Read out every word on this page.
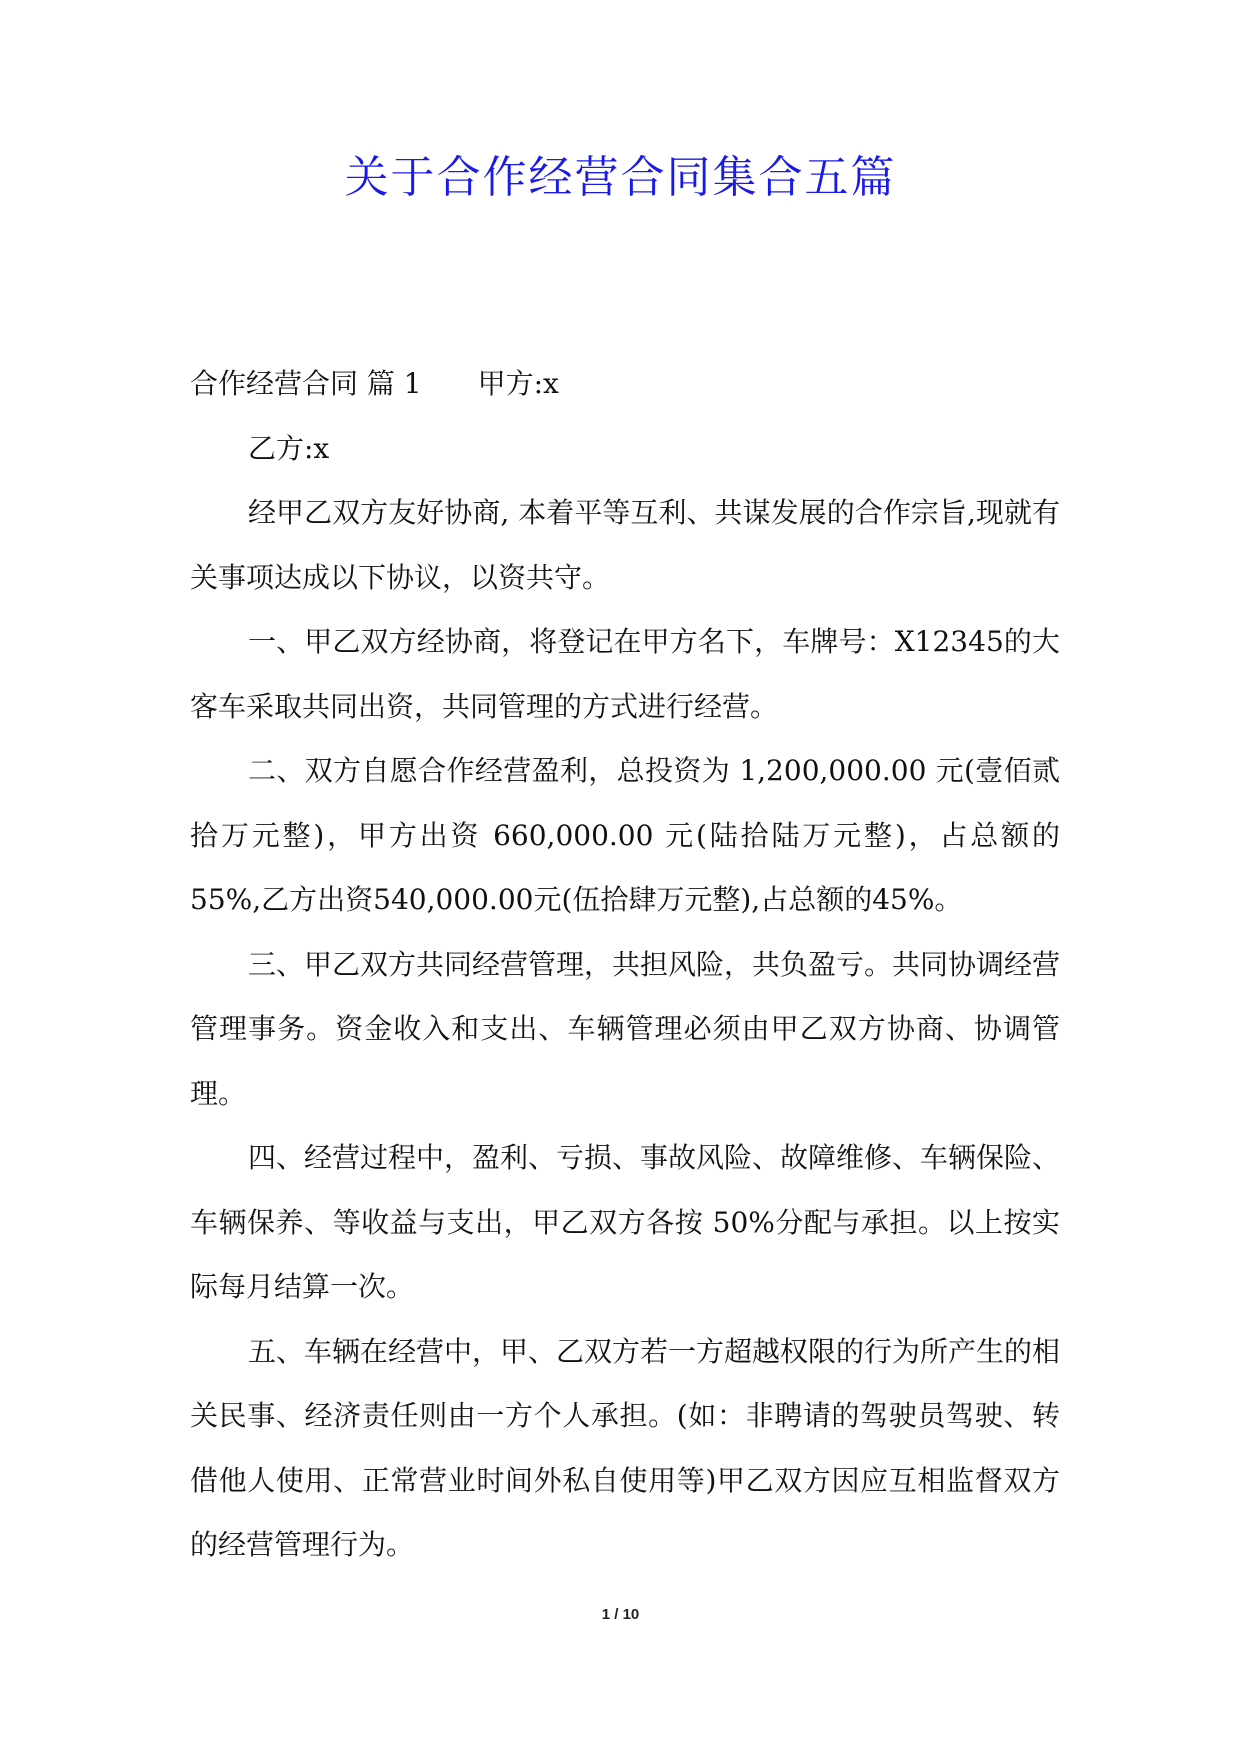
关于合作经营合同集合五篇

合作经营合同 篇 1 甲方:x

乙方:x

经甲乙双方友好协商, 本着平等互利、共谋发展的合作宗旨,现就有关事项达成以下协议，以资共守。

一、甲乙双方经协商，将登记在甲方名下，车牌号：X12345的大客车采取共同出资，共同管理的方式进行经营。

二、双方自愿合作经营盈利，总投资为 1,200,000.00 元(壹佰贰拾万元整)，甲方出资 660,000.00 元(陆拾陆万元整)，占总额的55%,乙方出资540,000.00元(伍拾肆万元整),占总额的45%。

三、甲乙双方共同经营管理，共担风险，共负盈亏。共同协调经营管理事务。资金收入和支出、车辆管理必须由甲乙双方协商、协调管理。

四、经营过程中，盈利、亏损、事故风险、故障维修、车辆保险、车辆保养、等收益与支出，甲乙双方各按 50%分配与承担。以上按实际每月结算一次。

五、车辆在经营中，甲、乙双方若一方超越权限的行为所产生的相关民事、经济责任则由一方个人承担。(如：非聘请的驾驶员驾驶、转借他人使用、正常营业时间外私自使用等)甲乙双方因应互相监督双方的经营管理行为。

1 / 10
